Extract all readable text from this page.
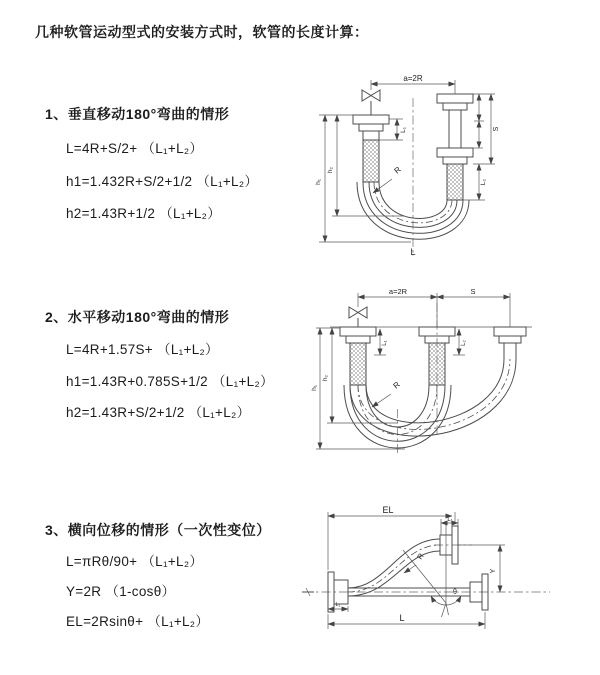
几种软管运动型式的安装方式时，软管的长度计算：
1、垂直移动180°弯曲的情形
L=4R+S/2+ （L₁+L₂）
h1=1.432R+S/2+1/2 （L₁+L₂）
h2=1.43R+1/2 （L₁+L₂）
2、水平移动180°弯曲的情形
L=4R+1.57S+ （L₁+L₂）
h1=1.43R+0.785S+1/2 （L₁+L₂）
h2=1.43R+S/2+1/2 （L₁+L₂）
3、横向位移的情形（一次性变位）
L=πRθ/90+ （L₁+L₂）
Y=2R （1-cosθ）
EL=2Rsinθ+ （L₁+L₂）
a=2R
L₁
h₁
h₂
S
L₂
R
L
a=2R	S
h₁
h₂
L₁	L₂
R
θ
R
EL
L₁
Y
L
L₁
